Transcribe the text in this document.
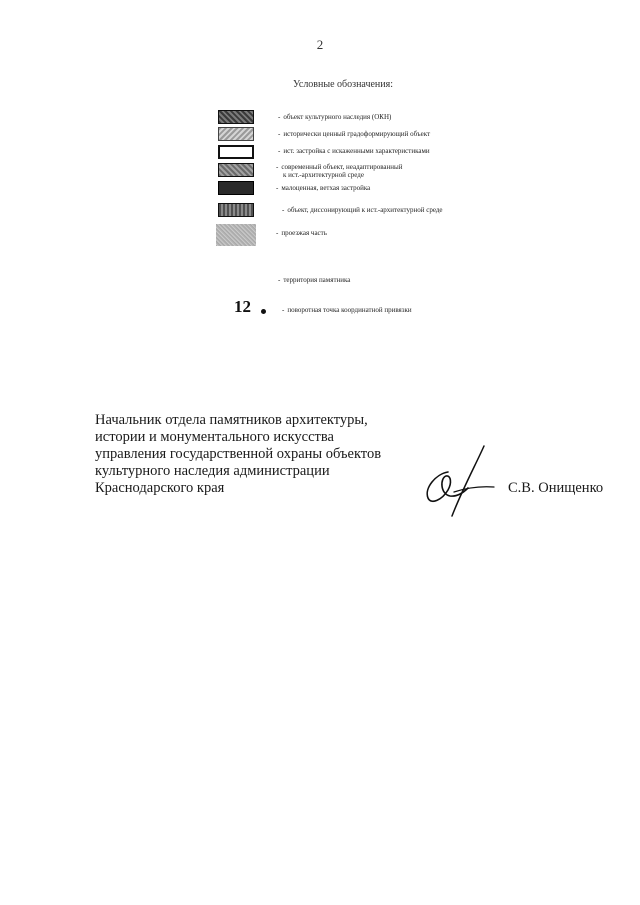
2
Условные обозначения:
- объект культурного наследия (ОКН)
- исторически ценный градоформирующий объект
- ист. застройка с искаженными характеристиками
- современный объект, неадаптированный
к ист.-архитектурной среде
- малоценная, ветхая застройка
- объект, диссонирующий к ист.-архитектурной среде
- проезжая часть
- территория памятника
12	- поворотная точка координатной привязки
Начальник отдела памятников архитектуры,
истории и монументального искусства
управления государственной охраны объектов
культурного наследия администрации
Краснодарского края	С.В. Онищенко
